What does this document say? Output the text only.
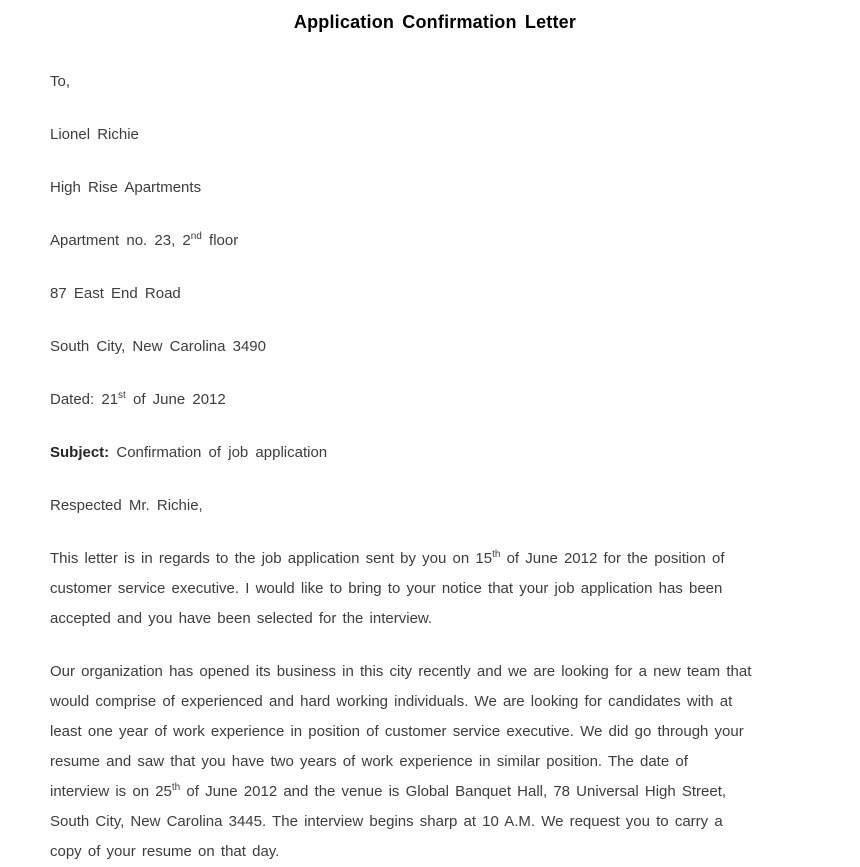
Application Confirmation Letter
To,
Lionel Richie
High Rise Apartments
Apartment no. 23, 2nd floor
87 East End Road
South City, New Carolina 3490
Dated: 21st of June 2012
Subject: Confirmation of job application
Respected Mr. Richie,
This letter is in regards to the job application sent by you on 15th of June 2012 for the position of
customer service executive. I would like to bring to your notice that your job application has been
accepted and you have been selected for the interview.
Our organization has opened its business in this city recently and we are looking for a new team that
would comprise of experienced and hard working individuals. We are looking for candidates with at
least one year of work experience in position of customer service executive. We did go through your
resume and saw that you have two years of work experience in similar position. The date of
interview is on 25th of June 2012 and the venue is Global Banquet Hall, 78 Universal High Street,
South City, New Carolina 3445. The interview begins sharp at 10 A.M. We request you to carry a
copy of your resume on that day.
